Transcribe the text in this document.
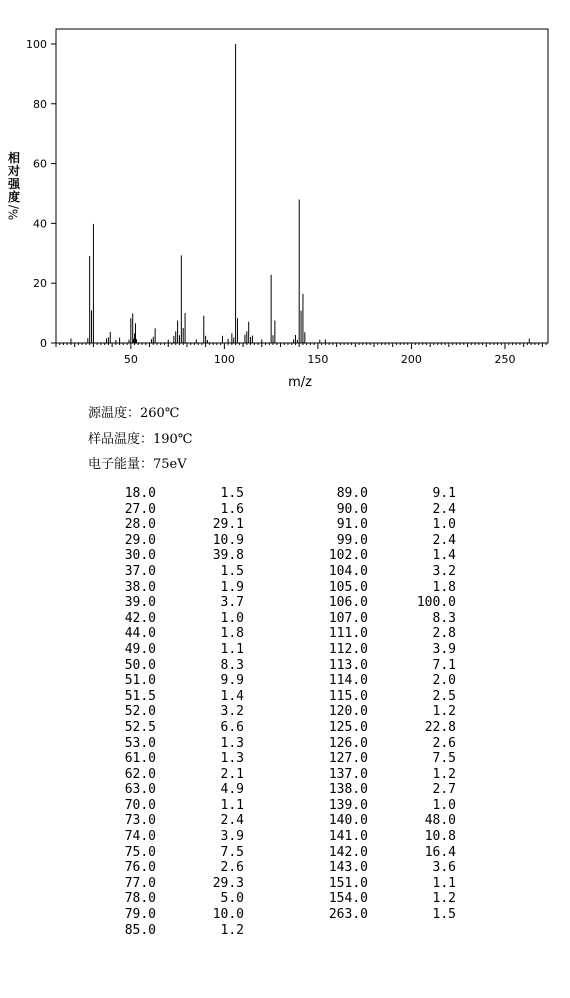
50	100	150	200	250
0
20
40
60
80
100
m/z
相对强度
%/
源温度：260℃
样品温度：190℃
电子能量：75eV
18.0	1.5
27.0	1.6
28.0	29.1
29.0	10.9
30.0	39.8
37.0	1.5
38.0	1.9
39.0	3.7
42.0	1.0
44.0	1.8
49.0	1.1
50.0	8.3
51.0	9.9
51.5	1.4
52.0	3.2
52.5	6.6
53.0	1.3
61.0	1.3
62.0	2.1
63.0	4.9
70.0	1.1
73.0	2.4
74.0	3.9
75.0	7.5
76.0	2.6
77.0	29.3
78.0	5.0
79.0	10.0
85.0	1.2
89.0	9.1
90.0	2.4
91.0	1.0
99.0	2.4
102.0	1.4
104.0	3.2
105.0	1.8
106.0	100.0
107.0	8.3
111.0	2.8
112.0	3.9
113.0	7.1
114.0	2.0
115.0	2.5
120.0	1.2
125.0	22.8
126.0	2.6
127.0	7.5
137.0	1.2
138.0	2.7
139.0	1.0
140.0	48.0
141.0	10.8
142.0	16.4
143.0	3.6
151.0	1.1
154.0	1.2
263.0	1.5
